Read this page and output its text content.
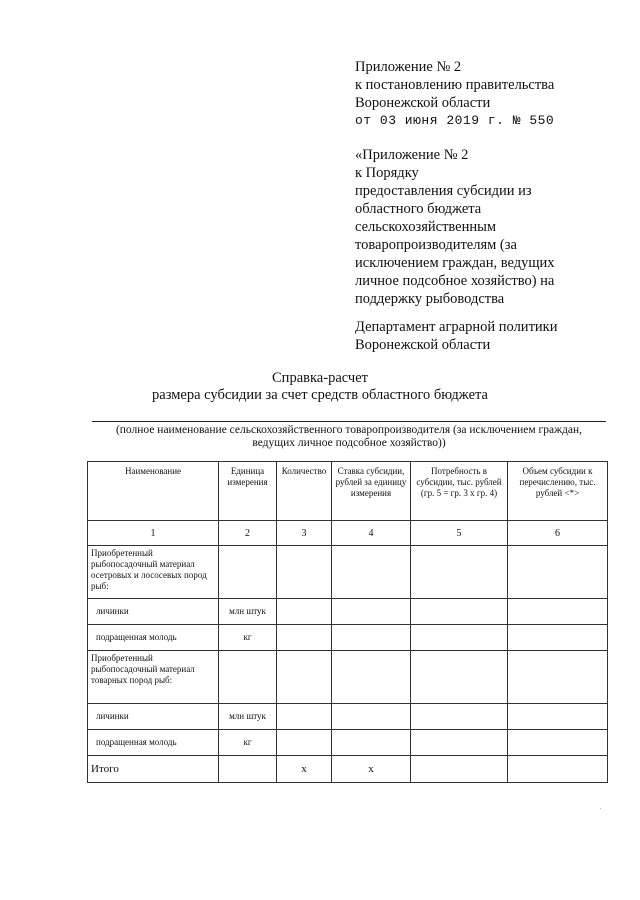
Приложение № 2
к постановлению правительства
Воронежской области
от 03 июня 2019 г. № 550
«Приложение № 2
к Порядку
предоставления субсидии из
областного бюджета
сельскохозяйственным
товаропроизводителям (за
исключением граждан, ведущих
личное подсобное хозяйство) на
поддержку рыбоводства
Департамент аграрной политики
Воронежской области
Справка-расчет
размера субсидии за счет средств областного бюджета
(полное наименование сельскохозяйственного товаропроизводителя (за исключением граждан,
ведущих личное подсобное хозяйство))
Наименование	Единица измерения	Количество	Ставка субсидии, рублей за единицу измерения	Потребность в субсидии, тыс. рублей (гр. 5 = гр. 3 х гр. 4)	Объем субсидии к перечислению, тыс. рублей <*>
1	2	3	4	5	6
Приобретенный рыбопосадочный материал осетровых и лососевых пород рыб:					
личинки	млн штук				
подращенная молодь	кг				
Приобретенный рыбопосадочный материал товарных пород рыб:					
личинки	млн штук				
подращенная молодь	кг				
Итого		х	х		
